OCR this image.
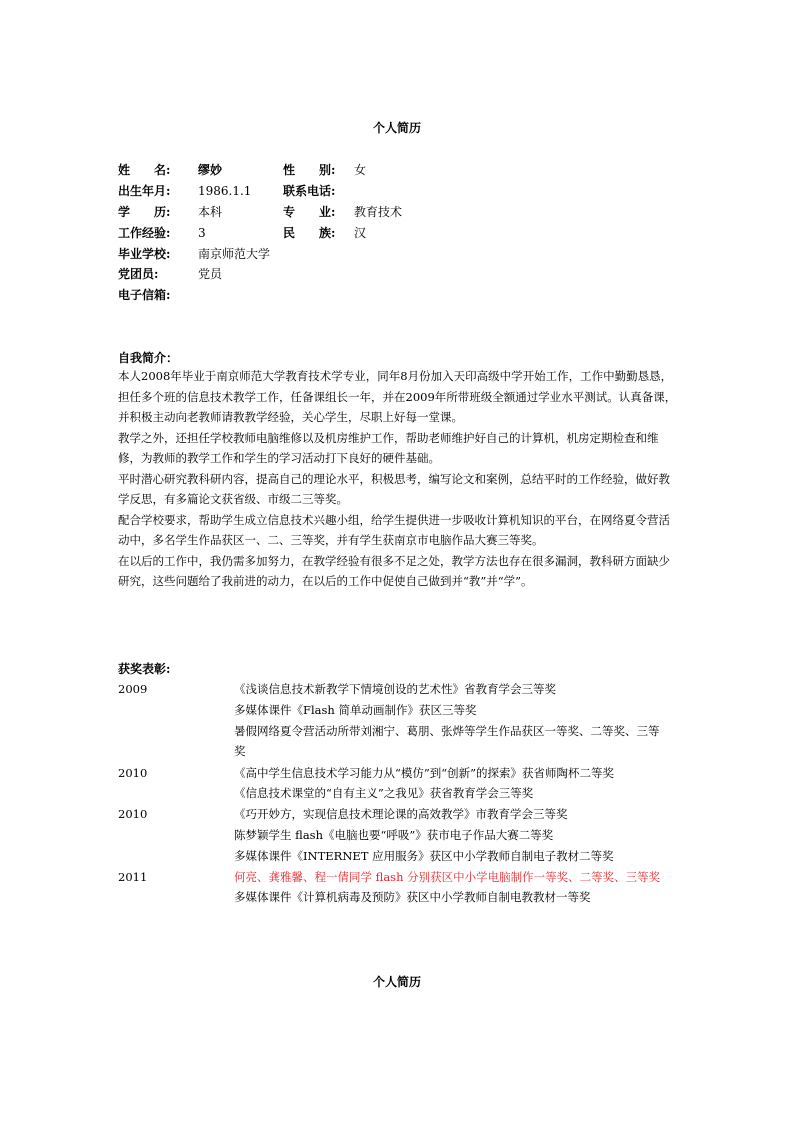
个人简历
姓　　名: 缪妙	性　　别: 女
出生年月: 1986.1.1	联系电话:
学　　历: 本科	专　　业: 教育技术
工作经验: 3	民　　族: 汉
毕业学校: 南京师范大学
党团员:	党员
电子信箱:
自我简介：

本人2008年毕业于南京师范大学教育技术学专业，同年8月份加入天印高级中学开始工作，工作中勤勤恳恳，担任多个班的信息技术教学工作，任备课组长一年，并在2009年所带班级全额通过学业水平测试。认真备课，并积极主动向老教师请教教学经验，关心学生，尽职上好每一堂课。

教学之外，还担任学校教师电脑维修以及机房维护工作，帮助老师维护好自己的计算机，机房定期检查和维修，为教师的教学工作和学生的学习活动打下良好的硬件基础。

平时潜心研究教科研内容，提高自己的理论水平，积极思考，编写论文和案例，总结平时的工作经验，做好教学反思，有多篇论文获省级、市级二三等奖。

配合学校要求，帮助学生成立信息技术兴趣小组，给学生提供进一步吸收计算机知识的平台，在网络夏令营活动中，多名学生作品获区一、二、三等奖，并有学生获南京市电脑作品大赛三等奖。

在以后的工作中，我仍需多加努力，在教学经验有很多不足之处，教学方法也存在很多漏洞，教科研方面缺少研究，这些问题给了我前进的动力，在以后的工作中促使自己做到并“教”并“学”。

获奖表彰:
2009	《浅谈信息技术新教学下情境创设的艺术性》省教育学会三等奖
多媒体课件《Flash 简单动画制作》获区三等奖
暑假网络夏令营活动所带刘湘宁、葛朋、张烨等学生作品获区一等奖、二等奖、三等
奖
2010	《高中学生信息技术学习能力从“模仿”到“创新”的探索》获省师陶杯二等奖
《信息技术课堂的“自有主义”之我见》获省教育学会三等奖
2010	《巧开妙方，实现信息技术理论课的高效教学》市教育学会三等奖
陈梦颖学生 flash《电脑也要“呼吸”》获市电子作品大赛二等奖
多媒体课件《INTERNET 应用服务》获区中小学教师自制电子教材二等奖
2011	何亮、龚雅馨、程一倩同学 flash 分别获区中小学电脑制作一等奖、二等奖、三等奖
多媒体课件《计算机病毒及预防》获区中小学教师自制电教教材一等奖
个人简历
